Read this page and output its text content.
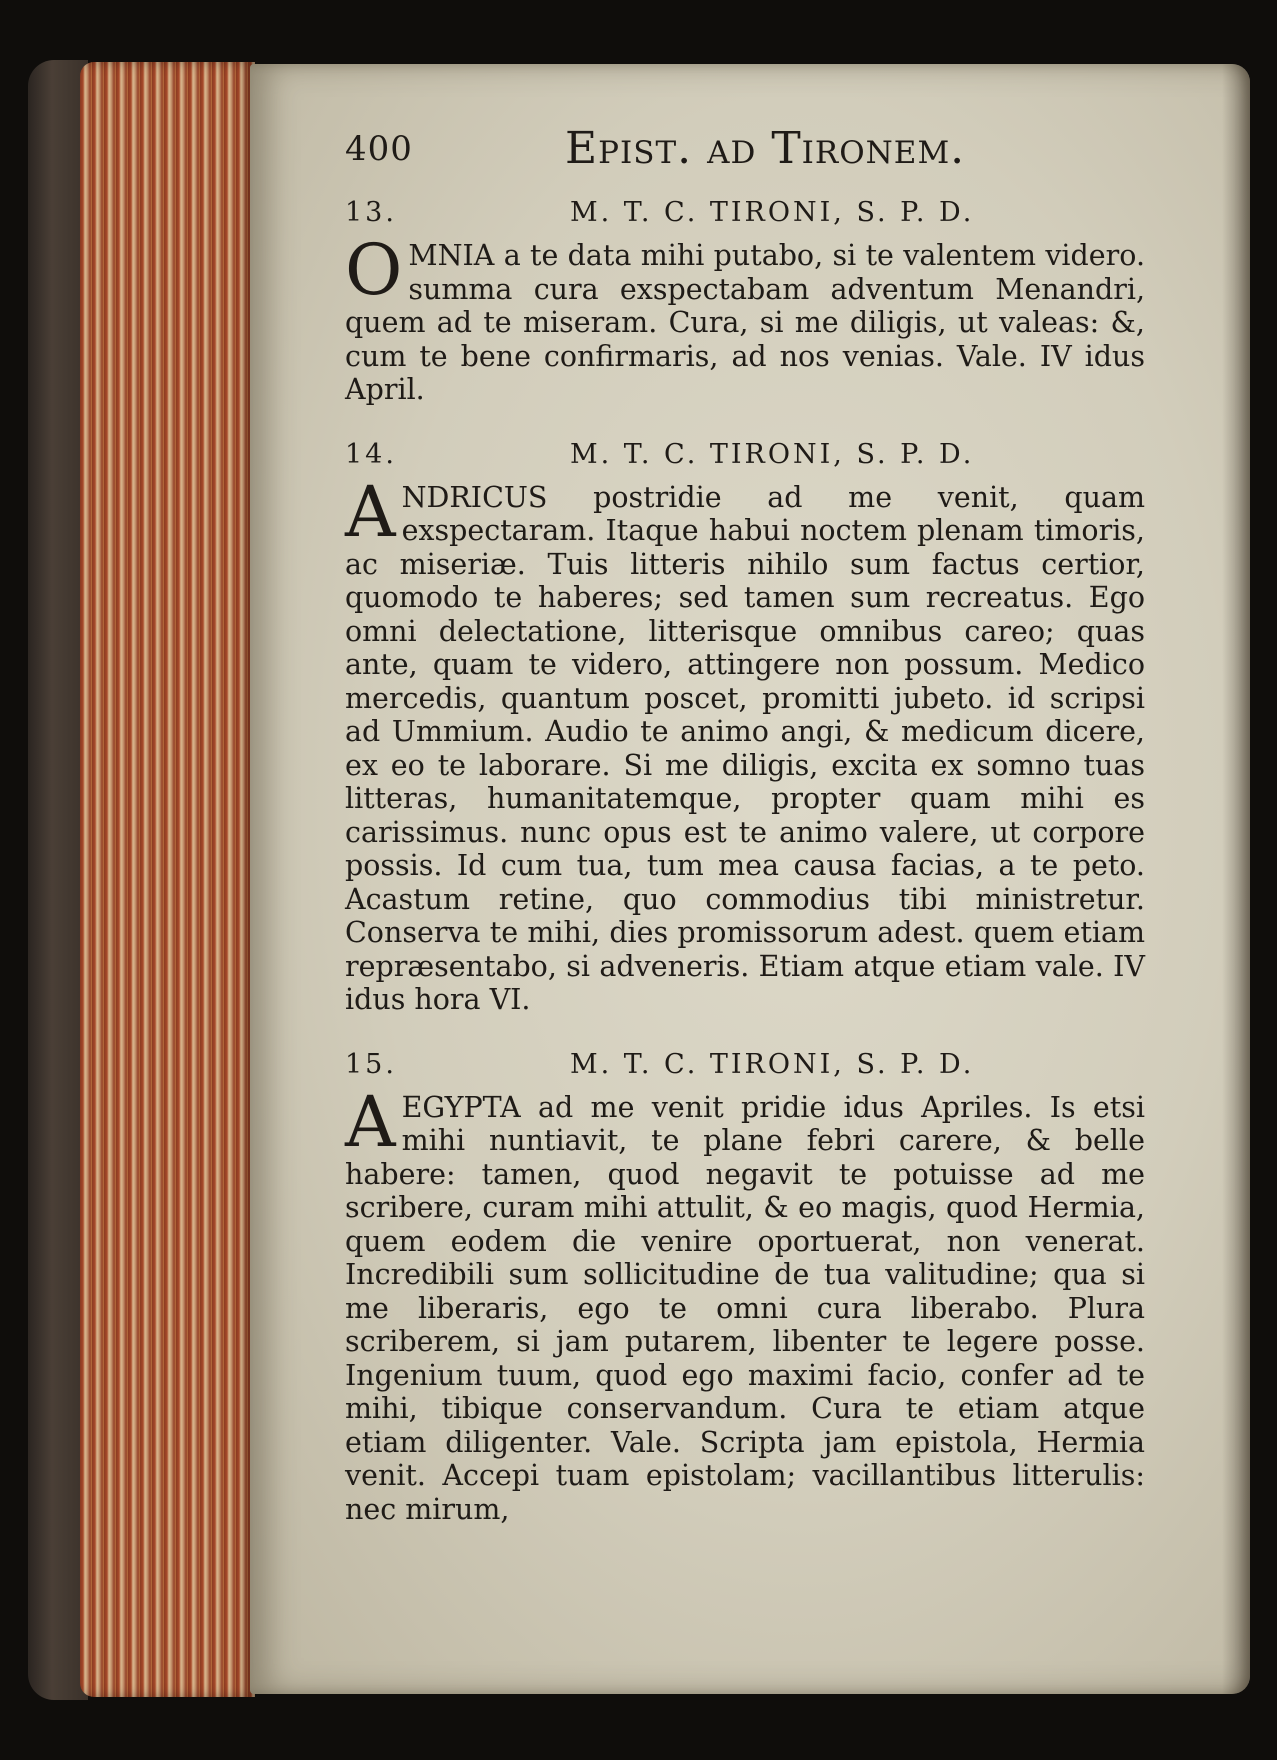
400	Epist. ad Tironem.
13.	M. T. C. TIRONI, S. P. D.
OMNIA a te data mihi putabo, si te valentem videro. summa cura exspectabam adventum Menandri, quem ad te miseram. Cura, si me diligis, ut valeas: &, cum te bene confirmaris, ad nos venias. Vale. IV idus April.
14.	M. T. C. TIRONI, S. P. D.
ANDRICUS postridie ad me venit, quam exspectaram. Itaque habui noctem plenam timoris, ac miseriæ. Tuis litteris nihilo sum factus certior, quomodo te haberes; sed tamen sum recreatus. Ego omni delectatione, litterisque omnibus careo; quas ante, quam te videro, attingere non possum. Medico mercedis, quantum poscet, promitti jubeto. id scripsi ad Ummium. Audio te animo angi, & medicum dicere, ex eo te laborare. Si me diligis, excita ex somno tuas litteras, humanitatemque, propter quam mihi es carissimus. nunc opus est te animo valere, ut corpore possis. Id cum tua, tum mea causa facias, a te peto. Acastum retine, quo commodius tibi ministretur. Conserva te mihi, dies promissorum adest. quem etiam repræsentabo, si adveneris. Etiam atque etiam vale. IV idus hora VI.
15.	M. T. C. TIRONI, S. P. D.
AEGYPTA ad me venit pridie idus Apriles. Is etsi mihi nuntiavit, te plane febri carere, & belle habere: tamen, quod negavit te potuisse ad me scribere, curam mihi attulit, & eo magis, quod Hermia, quem eodem die venire oportuerat, non venerat. Incredibili sum sollicitudine de tua valitudine; qua si me liberaris, ego te omni cura liberabo. Plura scriberem, si jam putarem, libenter te legere posse. Ingenium tuum, quod ego maximi facio, confer ad te mihi, tibique conservandum. Cura te etiam atque etiam diligenter. Vale. Scripta jam epistola, Hermia venit. Accepi tuam epistolam; vacillantibus litterulis: nec mirum,
